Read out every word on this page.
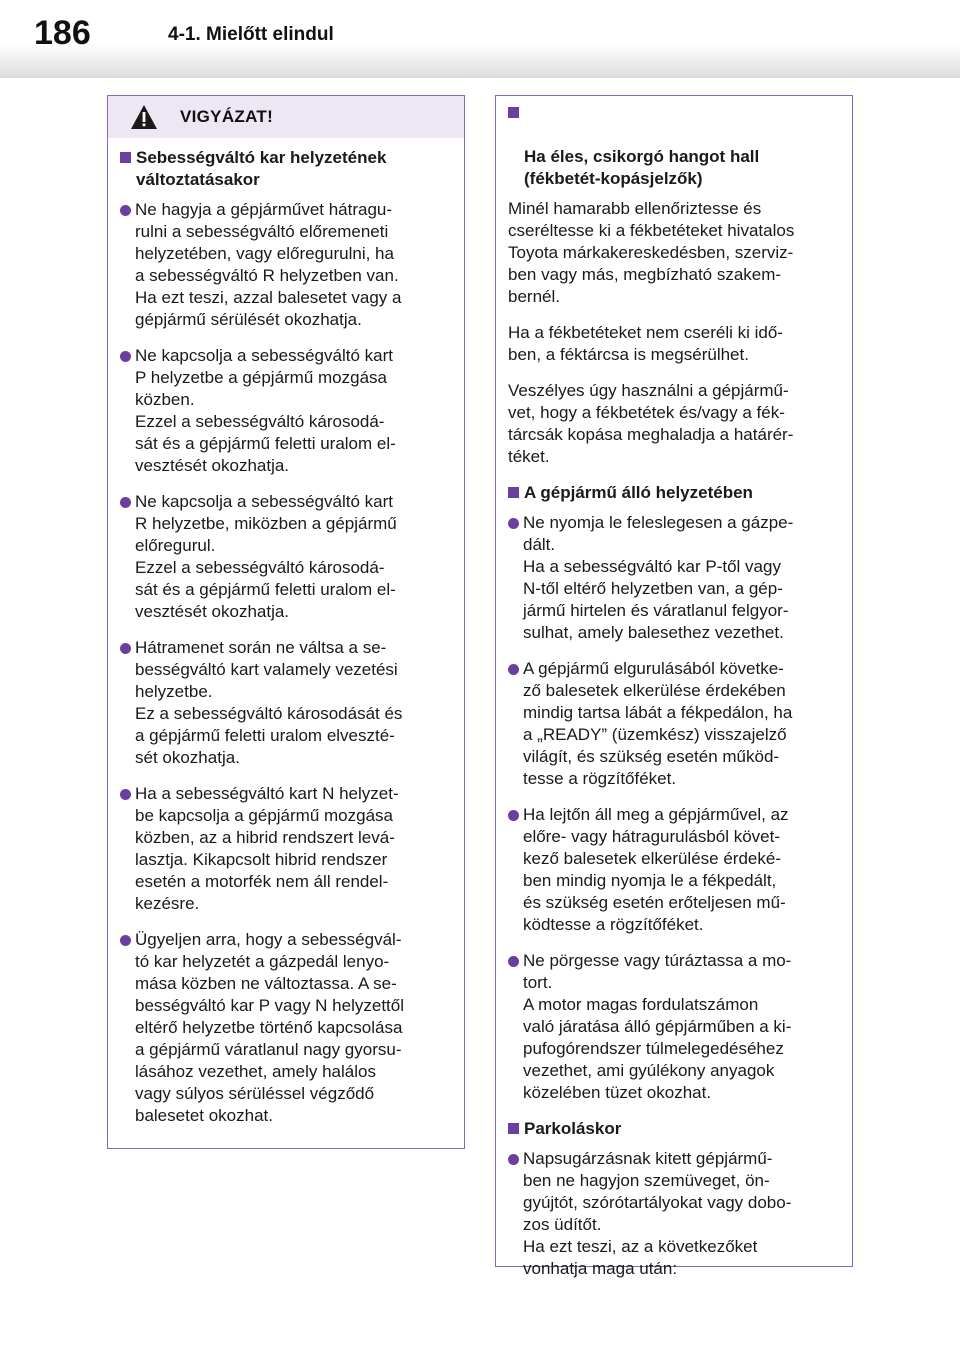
186	4-1. Mielőtt elindul
VIGYÁZAT!
Sebességváltó kar helyzetének változtatásakor
Ne hagyja a gépjárművet hátragu-
rulni a sebességváltó előremeneti
helyzetében, vagy előregurulni, ha
a sebességváltó R helyzetben van.
Ha ezt teszi, azzal balesetet vagy a
gépjármű sérülését okozhatja.
Ne kapcsolja a sebességváltó kart
P helyzetbe a gépjármű mozgása
közben.
Ezzel a sebességváltó károsodá-
sát és a gépjármű feletti uralom el-
vesztését okozhatja.
Ne kapcsolja a sebességváltó kart
R helyzetbe, miközben a gépjármű
előregurul.
Ezzel a sebességváltó károsodá-
sát és a gépjármű feletti uralom el-
vesztését okozhatja.
Hátramenet során ne váltsa a se-
bességváltó kart valamely vezetési
helyzetbe.
Ez a sebességváltó károsodását és
a gépjármű feletti uralom elveszté-
sét okozhatja.
Ha a sebességváltó kart N helyzet-
be kapcsolja a gépjármű mozgása
közben, az a hibrid rendszert levá-
lasztja. Kikapcsolt hibrid rendszer
esetén a motorfék nem áll rendel-
kezésre.
Ügyeljen arra, hogy a sebességvál-
tó kar helyzetét a gázpedál lenyo-
mása közben ne változtassa. A se-
bességváltó kar P vagy N helyzettől
eltérő helyzetbe történő kapcsolása
a gépjármű váratlanul nagy gyorsu-
lásához vezethet, amely halálos
vagy súlyos sérüléssel végződő
balesetet okozhat.

Ha éles, csikorgó hangot hall
(fékbetét-kopásjelzők)

Minél hamarabb ellenőriztesse és
cseréltesse ki a fékbetéteket hivatalos
Toyota márkakereskedésben, szerviz-
ben vagy más, megbízható szakem-
bernél.
Ha a fékbetéteket nem cseréli ki idő-
ben, a féktárcsa is megsérülhet.
Veszélyes úgy használni a gépjármű-
vet, hogy a fékbetétek és/vagy a fék-
tárcsák kopása meghaladja a határér-
téket.
A gépjármű álló helyzetében
Ne nyomja le feleslegesen a gázpe-
dált.
Ha a sebességváltó kar P-től vagy
N-től eltérő helyzetben van, a gép-
jármű hirtelen és váratlanul felgyor-
sulhat, amely balesethez vezethet.
A gépjármű elgurulásából követke-
ző balesetek elkerülése érdekében
mindig tartsa lábát a fékpedálon, ha
a „READY” (üzemkész) visszajelző
világít, és szükség esetén működ-
tesse a rögzítőféket.
Ha lejtőn áll meg a gépjárművel, az
előre- vagy hátragurulásból követ-
kező balesetek elkerülése érdeké-
ben mindig nyomja le a fékpedált,
és szükség esetén erőteljesen mű-
ködtesse a rögzítőféket.
Ne pörgesse vagy túráztassa a mo-
tort.
A motor magas fordulatszámon
való járatása álló gépjárműben a ki-
pufogórendszer túlmelegedéséhez
vezethet, ami gyúlékony anyagok
közelében tüzet okozhat.
Parkoláskor
Napsugárzásnak kitett gépjármű-
ben ne hagyjon szemüveget, ön-
gyújtót, szórótartályokat vagy dobo-
zos üdítőt.
Ha ezt teszi, az a következőket
vonhatja maga után:
